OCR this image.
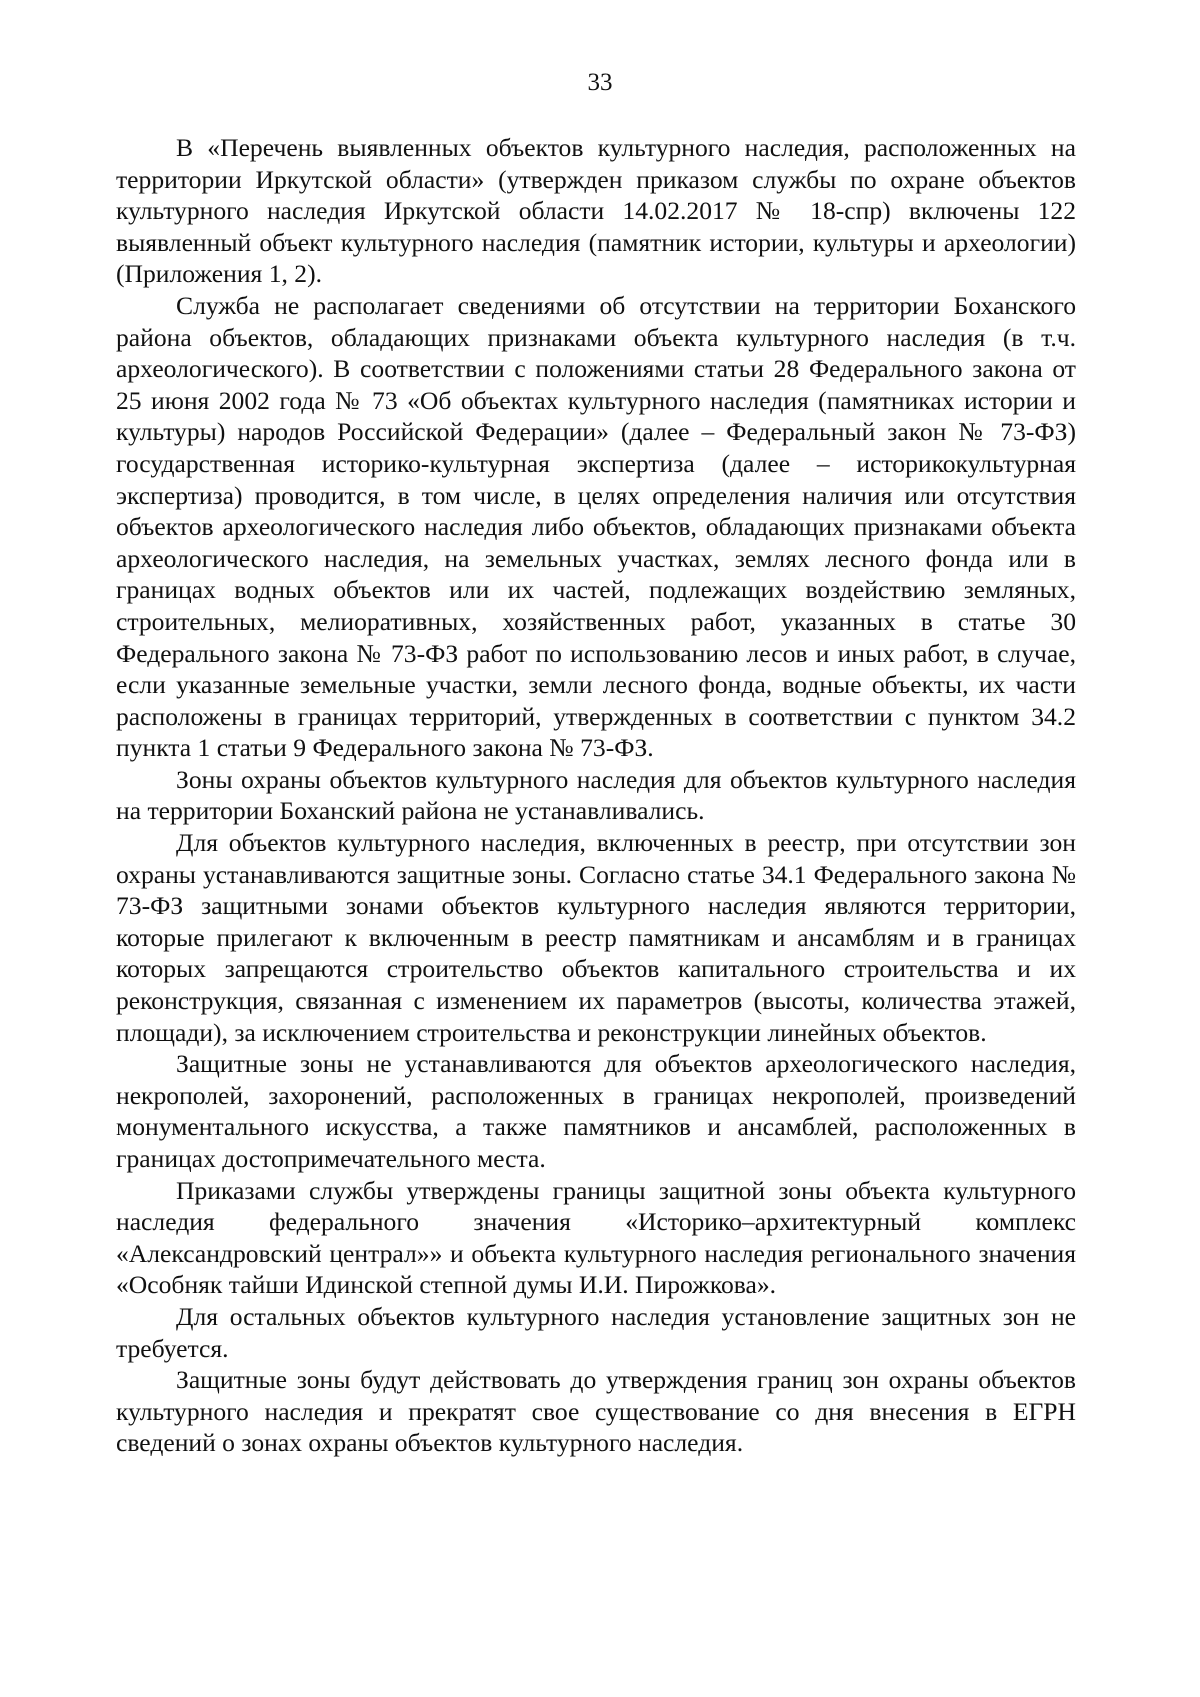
33

В «Перечень выявленных объектов культурного наследия, расположенных на территории Иркутской области» (утвержден приказом службы по охране объектов культурного наследия Иркутской области 14.02.2017 № 18-спр) включены 122 выявленный объект культурного наследия (памятник истории, культуры и археологии) (Приложения 1, 2).

Служба не располагает сведениями об отсутствии на территории Боханского района объектов, обладающих признаками объекта культурного наследия (в т.ч. археологического). В соответствии с положениями статьи 28 Федерального закона от 25 июня 2002 года № 73 «Об объектах культурного наследия (памятниках истории и культуры) народов Российской Федерации» (далее – Федеральный закон № 73-ФЗ) государственная историко-культурная экспертиза (далее – историкокультурная экспертиза) проводится, в том числе, в целях определения наличия или отсутствия объектов археологического наследия либо объектов, обладающих признаками объекта археологического наследия, на земельных участках, землях лесного фонда или в границах водных объектов или их частей, подлежащих воздействию земляных, строительных, мелиоративных, хозяйственных работ, указанных в статье 30 Федерального закона № 73-ФЗ работ по использованию лесов и иных работ, в случае, если указанные земельные участки, земли лесного фонда, водные объекты, их части расположены в границах территорий, утвержденных в соответствии с пунктом 34.2 пункта 1 статьи 9 Федерального закона № 73-ФЗ.

Зоны охраны объектов культурного наследия для объектов культурного наследия на территории Боханский района не устанавливались.

Для объектов культурного наследия, включенных в реестр, при отсутствии зон охраны устанавливаются защитные зоны. Согласно статье 34.1 Федерального закона № 73-ФЗ защитными зонами объектов культурного наследия являются территории, которые прилегают к включенным в реестр памятникам и ансамблям и в границах которых запрещаются строительство объектов капитального строительства и их реконструкция, связанная с изменением их параметров (высоты, количества этажей, площади), за исключением строительства и реконструкции линейных объектов.

Защитные зоны не устанавливаются для объектов археологического наследия, некрополей, захоронений, расположенных в границах некрополей, произведений монументального искусства, а также памятников и ансамблей, расположенных в границах достопримечательного места.

Приказами службы утверждены границы защитной зоны объекта культурного наследия федерального значения «Историко–архитектурный комплекс «Александровский централ»» и объекта культурного наследия регионального значения «Особняк тайши Идинской степной думы И.И. Пирожкова».

Для остальных объектов культурного наследия установление защитных зон не требуется.

Защитные зоны будут действовать до утверждения границ зон охраны объектов культурного наследия и прекратят свое существование со дня внесения в ЕГРН сведений о зонах охраны объектов культурного наследия.
